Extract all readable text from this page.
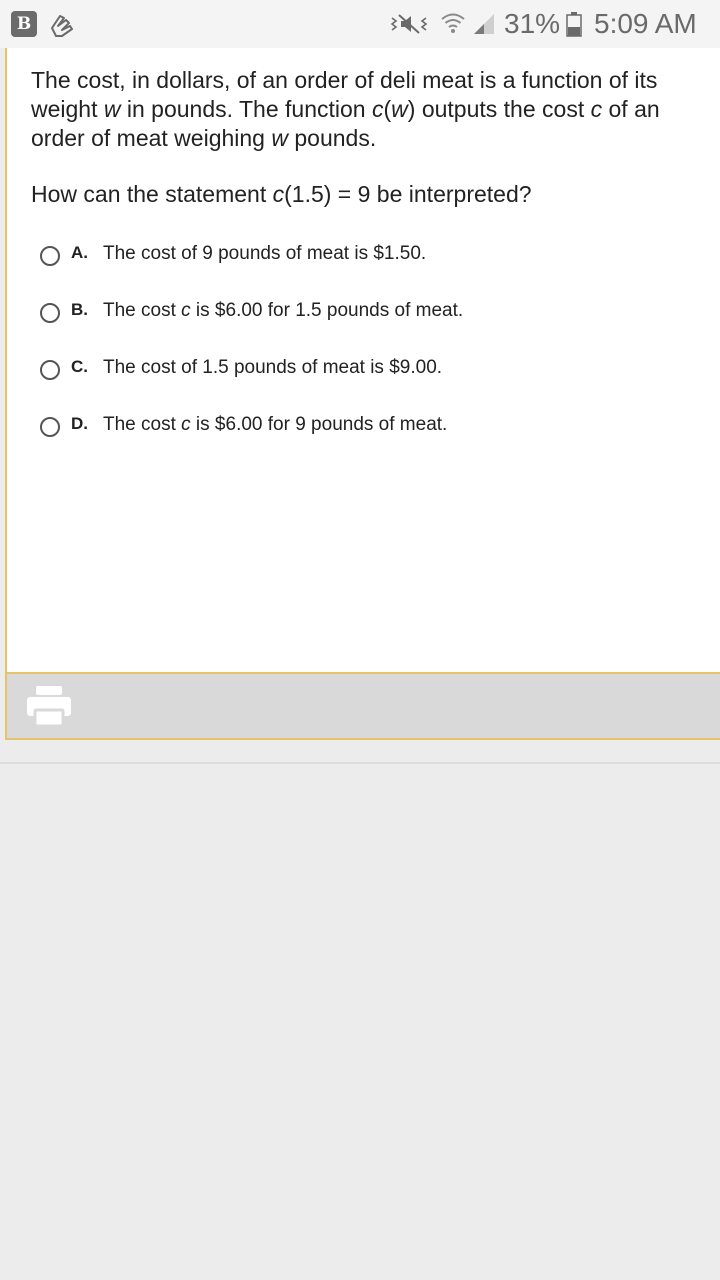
B	31% 5:09 AM
The cost, in dollars, of an order of deli meat is a function of its weight w in pounds. The function c(w) outputs the cost c of an order of meat weighing w pounds.
How can the statement c(1.5) = 9 be interpreted?
A. The cost of 9 pounds of meat is $1.50.
B. The cost c is $6.00 for 1.5 pounds of meat.
C. The cost of 1.5 pounds of meat is $9.00.
D. The cost c is $6.00 for 9 pounds of meat.
